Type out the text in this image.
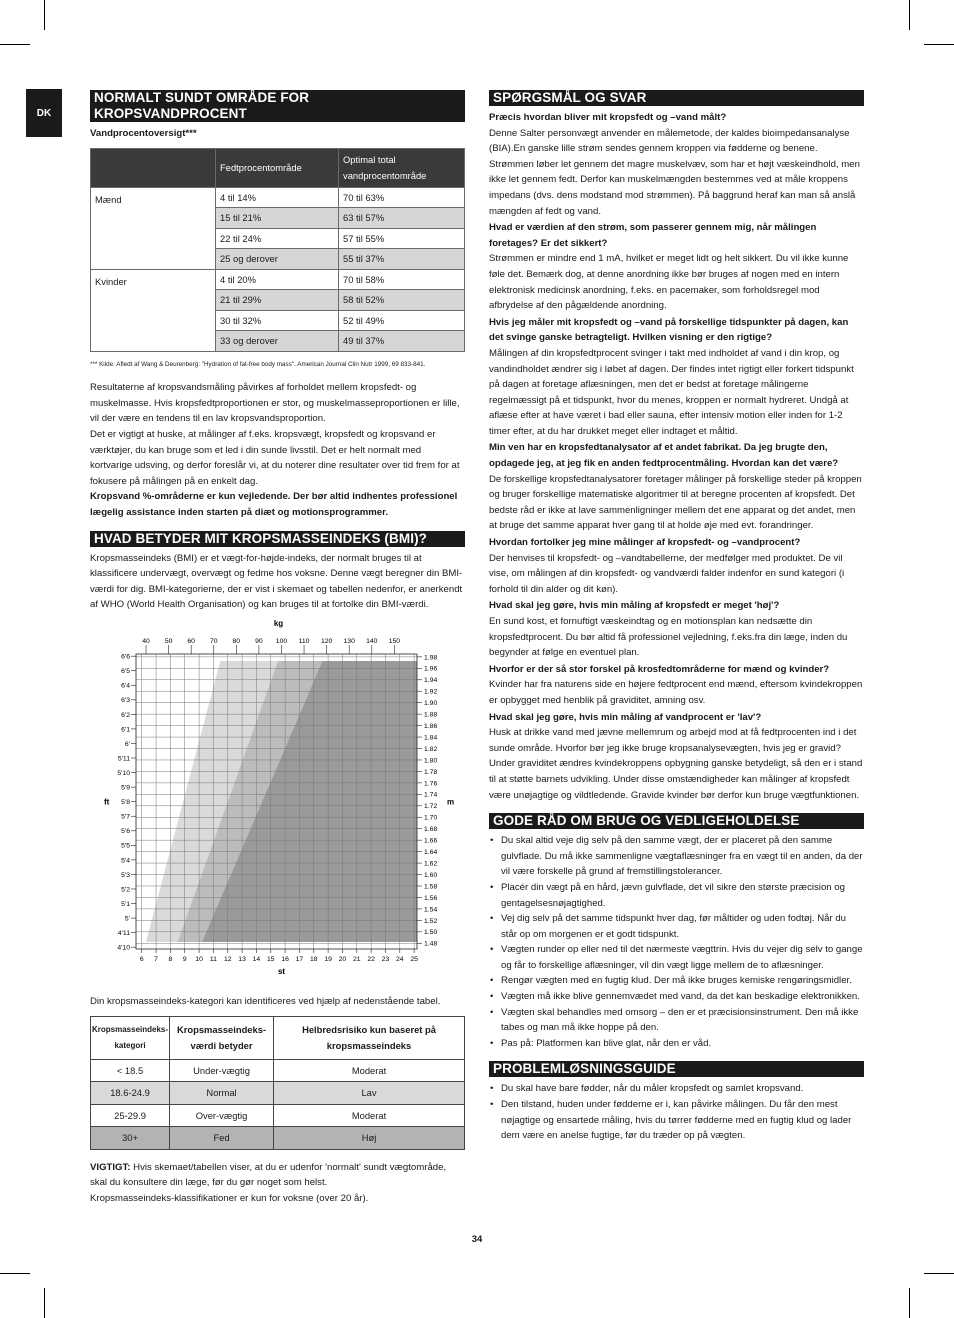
DK
NORMALT SUNDT OMRÅDE FOR KROPSVANDPROCENT

Vandprocentoversigt***

	Fedtprocentområde	Optimal total vandprocentområde
Mænd	4 til 14%	70 til 63%
	15 til 21%	63 til 57%
	22 til 24%	57 til 55%
	25 og derover	55 til 37%
Kvinder	4 til 20%	70 til 58%
	21 til 29%	58 til 52%
	30 til 32%	52 til 49%
	33 og derover	49 til 37%

*** Kilde: Afledt af Wang & Deurenberg: "Hydration of fat-free body mass". American Journal Clin Nutr 1999, 69 833-841.

Resultaterne af kropsvandsmåling påvirkes af forholdet mellem kropsfedt- og muskelmasse. Hvis kropsfedtproportionen er stor, og muskelmasseproportionen er lille, vil der være en tendens til en lav kropsvandsproportion.

Det er vigtigt at huske, at målinger af f.eks. kropsvægt, kropsfedt og kropsvand er værktøjer, du kan bruge som et led i din sunde livsstil. Det er helt normalt med kortvarige udsving, og derfor foreslår vi, at du noterer dine resultater over tid frem for at fokusere på målingen på en enkelt dag.

Kropsvand %-områderne er kun vejledende. Der bør altid indhentes professionel lægelig assistance inden starten på diæt og motionsprogrammer.

HVAD BETYDER MIT KROPSMASSEINDEKS (BMI)?

Kropsmasseindeks (BMI) er et vægt-for-højde-indeks, der normalt bruges til at klassificere undervægt, overvægt og fedme hos voksne. Denne vægt beregner din BMI-værdi for dig. BMI-kategorierne, der er vist i skemaet og tabellen nedenfor, er anerkendt af WHO (World Health Organisation) og kan bruges til at fortolke din BMI-værdi.

kg
40 50 60 70 80 90 100 110 120 130 140 150
6 7 8 9 10 11 12 13 14 15 16 17 18 19 20 21 22 23 24 25
st
6'6
6'5
6'4
6'3
6'2
6'1
6'
5'11
5'10
5'9
5'8
5'7
5'6
5'5
5'4
5'3
5'2
5'1
5'
4'11
4'10
ft
1.98
1.96
1.94
1.92
1.90
1.88
1.86
1.84
1.82
1.80
1.78
1.76
1.74
1.72
1.70
1.68
1.66
1.64
1.62
1.60
1.58
1.56
1.54
1.52
1.50
1.48
m

Din kropsmasseindeks-kategori kan identificeres ved hjælp af nedenstående tabel.

Kropsmasseindeks-kategori	Kropsmasseindeks-værdi betyder	Helbredsrisiko kun baseret på kropsmasseindeks
< 18.5	Under-vægtig	Moderat
18.6-24.9	Normal	Lav
25-29.9	Over-vægtig	Moderat
30+	Fed	Høj

VIGTIGT: Hvis skemaet/tabellen viser, at du er udenfor 'normalt' sundt vægtområde, skal du konsultere din læge, før du gør noget som helst.

Kropsmasseindeks-klassifikationer er kun for voksne (over 20 år).

SPØRGSMÅL OG SVAR

Præcis hvordan bliver mit kropsfedt og –vand målt?

Denne Salter personvægt anvender en målemetode, der kaldes bioimpedansanalyse (BIA).En ganske lille strøm sendes gennem kroppen via fødderne og benene. Strømmen løber let gennem det magre muskelvæv, som har et højt væskeindhold, men ikke let gennem fedt. Derfor kan muskelmængden bestemmes ved at måle kroppens impedans (dvs. dens modstand mod strømmen). På baggrund heraf kan man så anslå mængden af fedt og vand.

Hvad er værdien af den strøm, som passerer gennem mig, når målingen foretages? Er det sikkert?

Strømmen er mindre end 1 mA, hvilket er meget lidt og helt sikkert. Du vil ikke kunne føle det. Bemærk dog, at denne anordning ikke bør bruges af nogen med en intern elektronisk medicinsk anordning, f.eks. en pacemaker, som forholdsregel mod afbrydelse af den pågældende anordning.

Hvis jeg måler mit kropsfedt og –vand på forskellige tidspunkter på dagen, kan det svinge ganske betragteligt. Hvilken visning er den rigtige?

Målingen af din kropsfedtprocent svinger i takt med indholdet af vand i din krop, og vandindholdet ændrer sig i løbet af dagen. Der findes intet rigtigt eller forkert tidspunkt på dagen at foretage aflæsningen, men det er bedst at foretage målingerne regelmæssigt på et tidspunkt, hvor du menes, kroppen er normalt hydreret. Undgå at aflæse efter at have været i bad eller sauna, efter intensiv motion eller inden for 1-2 timer efter, at du har drukket meget eller indtaget et måltid.

Min ven har en kropsfedtanalysator af et andet fabrikat. Da jeg brugte den, opdagede jeg, at jeg fik en anden fedtprocentmåling. Hvordan kan det være?

De forskellige kropsfedtanalysatorer foretager målinger på forskellige steder på kroppen og bruger forskellige matematiske algoritmer til at beregne procenten af kropsfedt. Det bedste råd er ikke at lave sammenligninger mellem det ene apparat og det andet, men at bruge det samme apparat hver gang til at holde øje med evt. forandringer.

Hvordan fortolker jeg mine målinger af kropsfedt- og –vandprocent?

Der henvises til kropsfedt- og –vandtabellerne, der medfølger med produktet. De vil vise, om målingen af din kropsfedt- og vandværdi falder indenfor en sund kategori (i forhold til din alder og dit køn).

Hvad skal jeg gøre, hvis min måling af kropsfedt er meget 'høj'?

En sund kost, et fornuftigt væskeindtag og en motionsplan kan nedsætte din kropsfedtprocent. Du bør altid få professionel vejledning, f.eks.fra din læge, inden du begynder at følge en eventuel plan.

Hvorfor er der så stor forskel på krosfedtområderne for mænd og kvinder?

Kvinder har fra naturens side en højere fedtprocent end mænd, eftersom kvindekroppen er opbygget med henblik på graviditet, amning osv.

Hvad skal jeg gøre, hvis min måling af vandprocent er 'lav'?

Husk at drikke vand med jævne mellemrum og arbejd mod at få fedtprocenten ind i det sunde område. Hvorfor bør jeg ikke bruge kropsanalysevægten, hvis jeg er gravid? Under graviditet ændres kvindekroppens opbygning ganske betydeligt, så den er i stand til at støtte barnets udvikling. Under disse omstændigheder kan målinger af kropsfedt være unøjagtige og vildtledende. Gravide kvinder bør derfor kun bruge vægtfunktionen.

GODE RÅD OM BRUG OG VEDLIGEHOLDELSE
• Du skal altid veje dig selv på den samme vægt, der er placeret på den samme gulvflade. Du må ikke sammenligne vægtaflæsninger fra en vægt til en anden, da der vil være forskelle på grund af fremstillingstolerancer.
• Placér din vægt på en hård, jævn gulvflade, det vil sikre den største præcision og gentagelsesnøjagtighed.
• Vej dig selv på det samme tidspunkt hver dag, før måltider og uden fodtøj. Når du står op om morgenen er et godt tidspunkt.
• Vægten runder op eller ned til det nærmeste vægttrin. Hvis du vejer dig selv to gange og får to forskellige aflæsninger, vil din vægt ligge mellem de to aflæsninger.
• Rengør vægten med en fugtig klud. Der må ikke bruges kemiske rengøringsmidler.
• Vægten må ikke blive gennemvædet med vand, da det kan beskadige elektronikken.
• Vægten skal behandles med omsorg – den er et præcisionsinstrument. Den må ikke tabes og man må ikke hoppe på den.
• Pas på: Platformen kan blive glat, når den er våd.
PROBLEMLØSNINGSGUIDE
• Du skal have bare fødder, når du måler kropsfedt og samlet kropsvand.
• Den tilstand, huden under fødderne er i, kan påvirke målingen. Du får den mest nøjagtige og ensartede måling, hvis du tørrer fødderne med en fugtig klud og lader dem være en anelse fugtige, før du træder op på vægten.
34
